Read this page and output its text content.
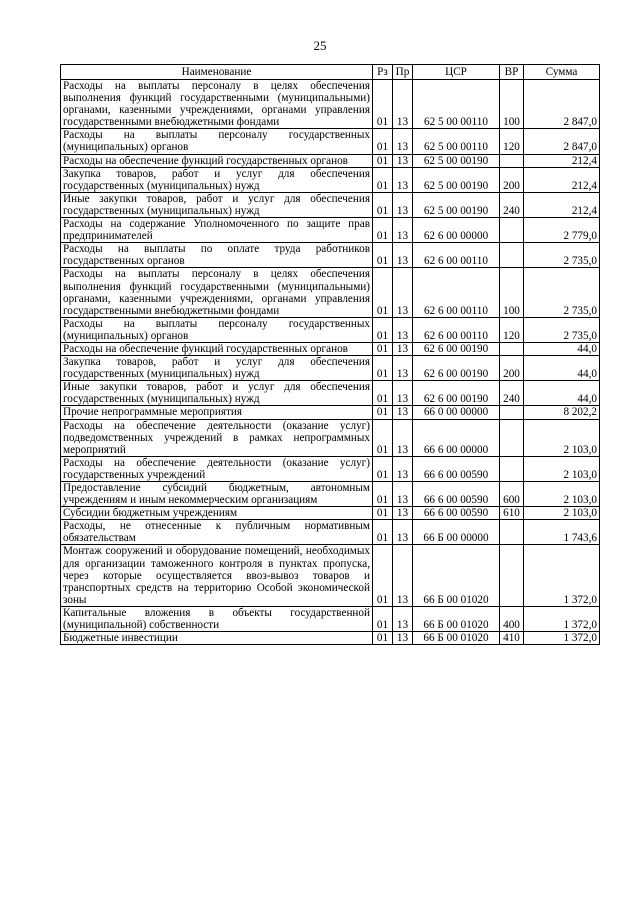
25
Наименование	Рз	Пр	ЦСР	ВР	Сумма
Расходы на выплаты персоналу в целях обеспечения выполнения функций государственными (муниципальными) органами, казенными учреждениями, органами управления государственными внебюджетными фондами	01	13	62 5 00 00110	100	2 847,0
Расходы на выплаты персоналу государственных (муниципальных) органов	01	13	62 5 00 00110	120	2 847,0
Расходы на обеспечение функций государственных органов	01	13	62 5 00 00190		212,4
Закупка товаров, работ и услуг для обеспечения государственных (муниципальных) нужд	01	13	62 5 00 00190	200	212,4
Иные закупки товаров, работ и услуг для обеспечения государственных (муниципальных) нужд	01	13	62 5 00 00190	240	212,4
Расходы на содержание Уполномоченного по защите прав предпринимателей	01	13	62 6 00 00000		2 779,0
Расходы на выплаты по оплате труда работников государственных органов	01	13	62 6 00 00110		2 735,0
Расходы на выплаты персоналу в целях обеспечения выполнения функций государственными (муниципальными) органами, казенными учреждениями, органами управления государственными внебюджетными фондами	01	13	62 6 00 00110	100	2 735,0
Расходы на выплаты персоналу государственных (муниципальных) органов	01	13	62 6 00 00110	120	2 735,0
Расходы на обеспечение функций государственных органов	01	13	62 6 00 00190		44,0
Закупка товаров, работ и услуг для обеспечения государственных (муниципальных) нужд	01	13	62 6 00 00190	200	44,0
Иные закупки товаров, работ и услуг для обеспечения государственных (муниципальных) нужд	01	13	62 6 00 00190	240	44,0
Прочие непрограммные мероприятия	01	13	66 0 00 00000		8 202,2
Расходы на обеспечение деятельности (оказание услуг) подведомственных учреждений в рамках непрограммных мероприятий	01	13	66 6 00 00000		2 103,0
Расходы на обеспечение деятельности (оказание услуг) государственных учреждений	01	13	66 6 00 00590		2 103,0
Предоставление субсидий бюджетным, автономным учреждениям и иным некоммерческим организациям	01	13	66 6 00 00590	600	2 103,0
Субсидии бюджетным учреждениям	01	13	66 6 00 00590	610	2 103,0
Расходы, не отнесенные к публичным нормативным обязательствам	01	13	66 Б 00 00000		1 743,6
Монтаж сооружений и оборудование помещений, необходимых для организации таможенного контроля в пунктах пропуска, через которые осуществляется ввоз-вывоз товаров и транспортных средств на территорию Особой экономической зоны	01	13	66 Б 00 01020		1 372,0
Капитальные вложения в объекты государственной (муниципальной) собственности	01	13	66 Б 00 01020	400	1 372,0
Бюджетные инвестиции	01	13	66 Б 00 01020	410	1 372,0
